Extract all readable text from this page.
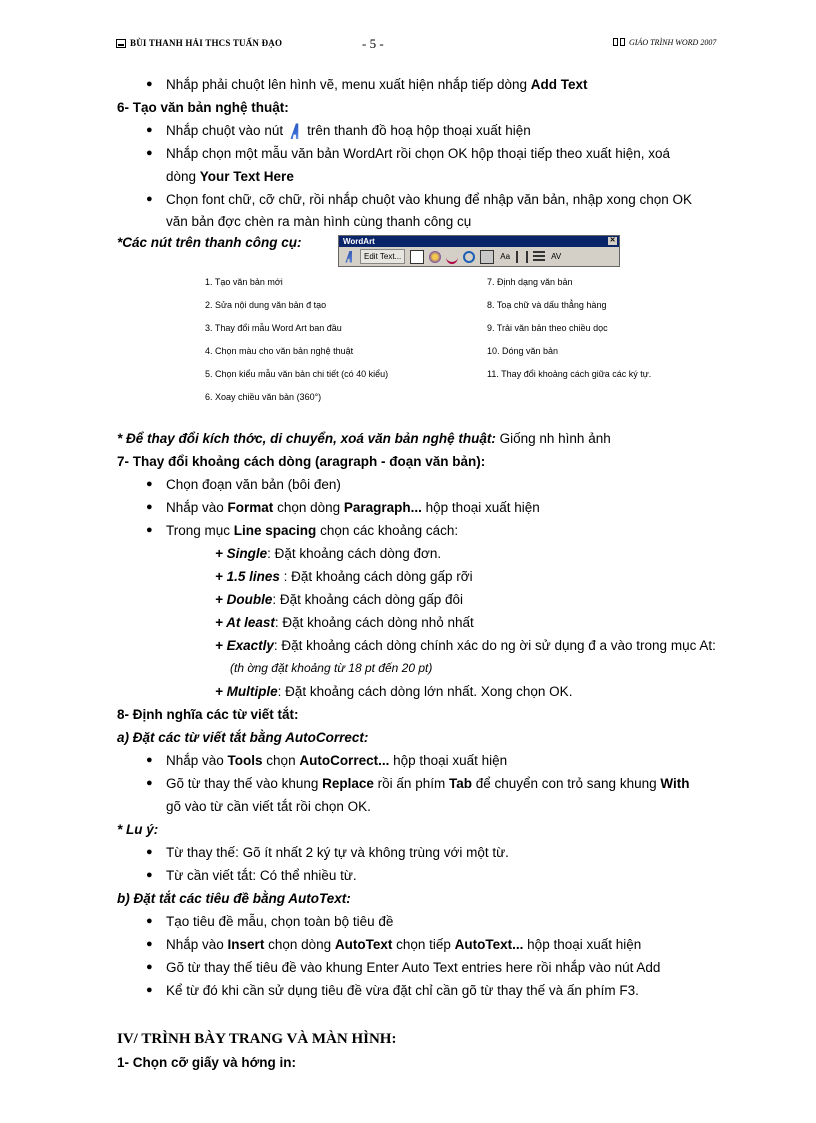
BÙI THANH HẢI THCS TUẤN ĐẠO	- 5 -	GIÁO TRÌNH WORD 2007
● Nhắp phải chuột lên hình vẽ, menu xuất hiện nhắp tiếp dòng Add Text
6- Tạo văn bản nghệ thuật:
● Nhắp chuột vào nút trên thanh đồ hoạ hộp thoại xuất hiện
● Nhắp chọn một mẫu văn bản WordArt rồi chọn OK hộp thoại tiếp theo xuất hiện, xoá
dòng Your Text Here
● Chọn font chữ, cỡ chữ, rồi nhắp chuột vào khung để nhập văn bản, nhập xong chọn OK
văn bản đợc chèn ra màn hình cùng thanh công cụ
*Các nút trên thanh công cụ:	WordArt	✕
Edit Text...	Aa	AV
1. Tạo văn bản mới
2. Sửa nội dung văn bản đ tạo
3. Thay đổi mẫu Word Art ban đầu
4. Chọn màu cho văn bản nghệ thuật
5. Chọn kiểu mẫu văn bản chi tiết (có 40 kiểu)
6. Xoay chiều văn bản (360°)
7. Định dạng văn bản
8. Toạ chữ và dấu thẳng hàng
9. Trải văn bản theo chiều dọc
10. Dóng văn bản
11. Thay đổi khoảng cách giữa các ký tự.
* Để thay đổi kích thớc, di chuyển, xoá văn bản nghệ thuật: Giống nh hình ảnh
7- Thay đổi khoảng cách dòng (aragraph - đoạn văn bản):
● Chọn đoạn văn bản (bôi đen)
● Nhắp vào Format chọn dòng Paragraph... hộp thoại xuất hiện
● Trong mục Line spacing chọn các khoảng cách:
+ Single: Đặt khoảng cách dòng đơn.
+ 1.5 lines : Đặt khoảng cách dòng gấp rỡi
+ Double: Đặt khoảng cách dòng gấp đôi
+ At least: Đặt khoảng cách dòng nhỏ nhất
+ Exactly: Đặt khoảng cách dòng chính xác do ng ời sử dụng đ a vào trong mục At:
(th ờng đặt khoảng từ 18 pt đến 20 pt)
+ Multiple: Đặt khoảng cách dòng lớn nhất. Xong chọn OK.
8- Định nghĩa các từ viết tắt:
a) Đặt các từ viết tắt bằng AutoCorrect:
● Nhắp vào Tools chọn AutoCorrect... hộp thoại xuất hiện
● Gõ từ thay thế vào khung Replace rồi ấn phím Tab để chuyển con trỏ sang khung With
gõ vào từ cần viết tắt rồi chọn OK.
* Lu ý:
● Từ thay thế: Gõ ít nhất 2 ký tự và không trùng với một từ.
● Từ cần viết tắt: Có thể nhiều từ.
b) Đặt tắt các tiêu đề bằng AutoText:
● Tạo tiêu đề mẫu, chọn toàn bộ tiêu đề
● Nhắp vào Insert chọn dòng AutoText chọn tiếp AutoText... hộp thoại xuất hiện
● Gõ từ thay thế tiêu đề vào khung Enter Auto Text entries here rồi nhắp vào nút Add
● Kể từ đó khi cần sử dụng tiêu đề vừa đặt chỉ cần gõ từ thay thế và ấn phím F3.
IV/ TRÌNH BÀY TRANG VÀ MÀN HÌNH:
1- Chọn cỡ giấy và hớng in:
